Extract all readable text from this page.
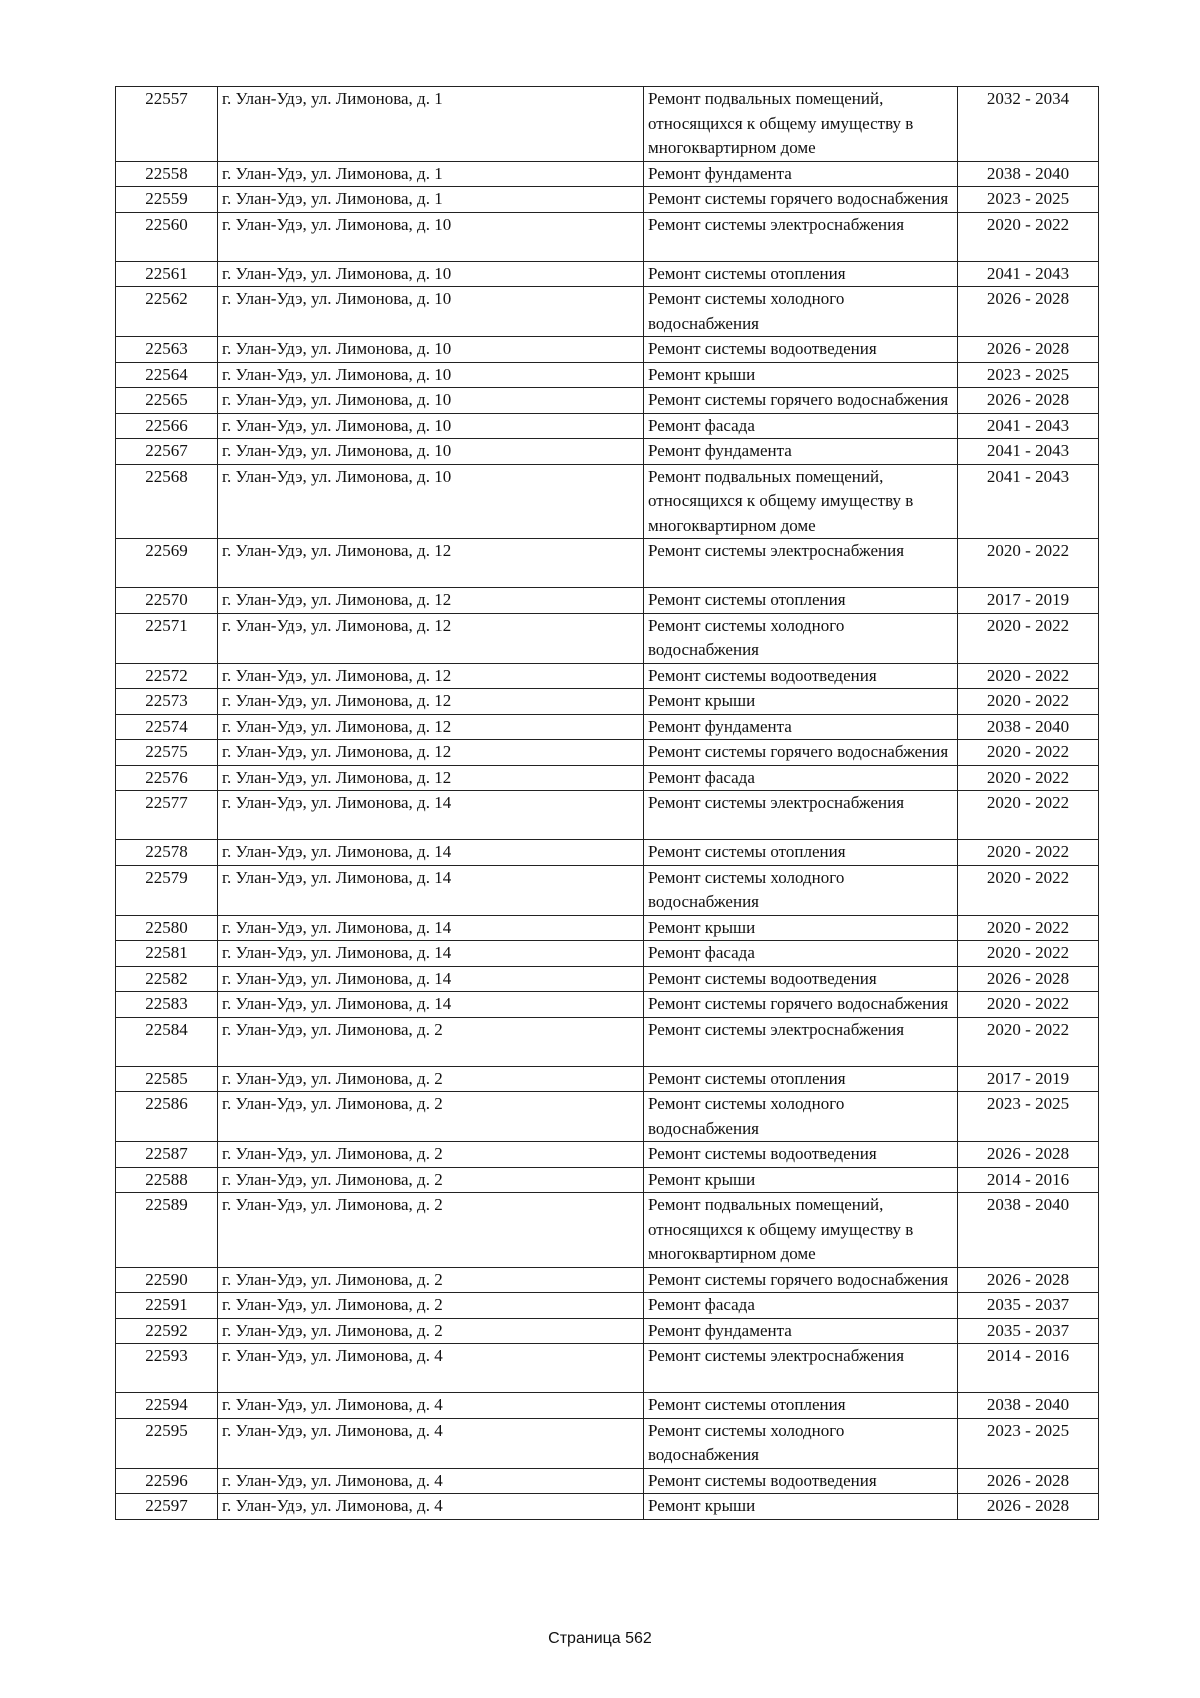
22557	г. Улан-Удэ, ул. Лимонова, д. 1	Ремонт подвальных помещений, относящихся к общему имуществу в многоквартирном доме	2032 - 2034
22558	г. Улан-Удэ, ул. Лимонова, д. 1	Ремонт фундамента	2038 - 2040
22559	г. Улан-Удэ, ул. Лимонова, д. 1	Ремонт системы горячего водоснабжения	2023 - 2025
22560	г. Улан-Удэ, ул. Лимонова, д. 10	Ремонт системы электроснабжения	2020 - 2022
22561	г. Улан-Удэ, ул. Лимонова, д. 10	Ремонт системы отопления	2041 - 2043
22562	г. Улан-Удэ, ул. Лимонова, д. 10	Ремонт системы холодного водоснабжения	2026 - 2028
22563	г. Улан-Удэ, ул. Лимонова, д. 10	Ремонт системы водоотведения	2026 - 2028
22564	г. Улан-Удэ, ул. Лимонова, д. 10	Ремонт крыши	2023 - 2025
22565	г. Улан-Удэ, ул. Лимонова, д. 10	Ремонт системы горячего водоснабжения	2026 - 2028
22566	г. Улан-Удэ, ул. Лимонова, д. 10	Ремонт фасада	2041 - 2043
22567	г. Улан-Удэ, ул. Лимонова, д. 10	Ремонт фундамента	2041 - 2043
22568	г. Улан-Удэ, ул. Лимонова, д. 10	Ремонт подвальных помещений, относящихся к общему имуществу в многоквартирном доме	2041 - 2043
22569	г. Улан-Удэ, ул. Лимонова, д. 12	Ремонт системы электроснабжения	2020 - 2022
22570	г. Улан-Удэ, ул. Лимонова, д. 12	Ремонт системы отопления	2017 - 2019
22571	г. Улан-Удэ, ул. Лимонова, д. 12	Ремонт системы холодного водоснабжения	2020 - 2022
22572	г. Улан-Удэ, ул. Лимонова, д. 12	Ремонт системы водоотведения	2020 - 2022
22573	г. Улан-Удэ, ул. Лимонова, д. 12	Ремонт крыши	2020 - 2022
22574	г. Улан-Удэ, ул. Лимонова, д. 12	Ремонт фундамента	2038 - 2040
22575	г. Улан-Удэ, ул. Лимонова, д. 12	Ремонт системы горячего водоснабжения	2020 - 2022
22576	г. Улан-Удэ, ул. Лимонова, д. 12	Ремонт фасада	2020 - 2022
22577	г. Улан-Удэ, ул. Лимонова, д. 14	Ремонт системы электроснабжения	2020 - 2022
22578	г. Улан-Удэ, ул. Лимонова, д. 14	Ремонт системы отопления	2020 - 2022
22579	г. Улан-Удэ, ул. Лимонова, д. 14	Ремонт системы холодного водоснабжения	2020 - 2022
22580	г. Улан-Удэ, ул. Лимонова, д. 14	Ремонт крыши	2020 - 2022
22581	г. Улан-Удэ, ул. Лимонова, д. 14	Ремонт фасада	2020 - 2022
22582	г. Улан-Удэ, ул. Лимонова, д. 14	Ремонт системы водоотведения	2026 - 2028
22583	г. Улан-Удэ, ул. Лимонова, д. 14	Ремонт системы горячего водоснабжения	2020 - 2022
22584	г. Улан-Удэ, ул. Лимонова, д. 2	Ремонт системы электроснабжения	2020 - 2022
22585	г. Улан-Удэ, ул. Лимонова, д. 2	Ремонт системы отопления	2017 - 2019
22586	г. Улан-Удэ, ул. Лимонова, д. 2	Ремонт системы холодного водоснабжения	2023 - 2025
22587	г. Улан-Удэ, ул. Лимонова, д. 2	Ремонт системы водоотведения	2026 - 2028
22588	г. Улан-Удэ, ул. Лимонова, д. 2	Ремонт крыши	2014 - 2016
22589	г. Улан-Удэ, ул. Лимонова, д. 2	Ремонт подвальных помещений, относящихся к общему имуществу в многоквартирном доме	2038 - 2040
22590	г. Улан-Удэ, ул. Лимонова, д. 2	Ремонт системы горячего водоснабжения	2026 - 2028
22591	г. Улан-Удэ, ул. Лимонова, д. 2	Ремонт фасада	2035 - 2037
22592	г. Улан-Удэ, ул. Лимонова, д. 2	Ремонт фундамента	2035 - 2037
22593	г. Улан-Удэ, ул. Лимонова, д. 4	Ремонт системы электроснабжения	2014 - 2016
22594	г. Улан-Удэ, ул. Лимонова, д. 4	Ремонт системы отопления	2038 - 2040
22595	г. Улан-Удэ, ул. Лимонова, д. 4	Ремонт системы холодного водоснабжения	2023 - 2025
22596	г. Улан-Удэ, ул. Лимонова, д. 4	Ремонт системы водоотведения	2026 - 2028
22597	г. Улан-Удэ, ул. Лимонова, д. 4	Ремонт крыши	2026 - 2028
Страница 562
